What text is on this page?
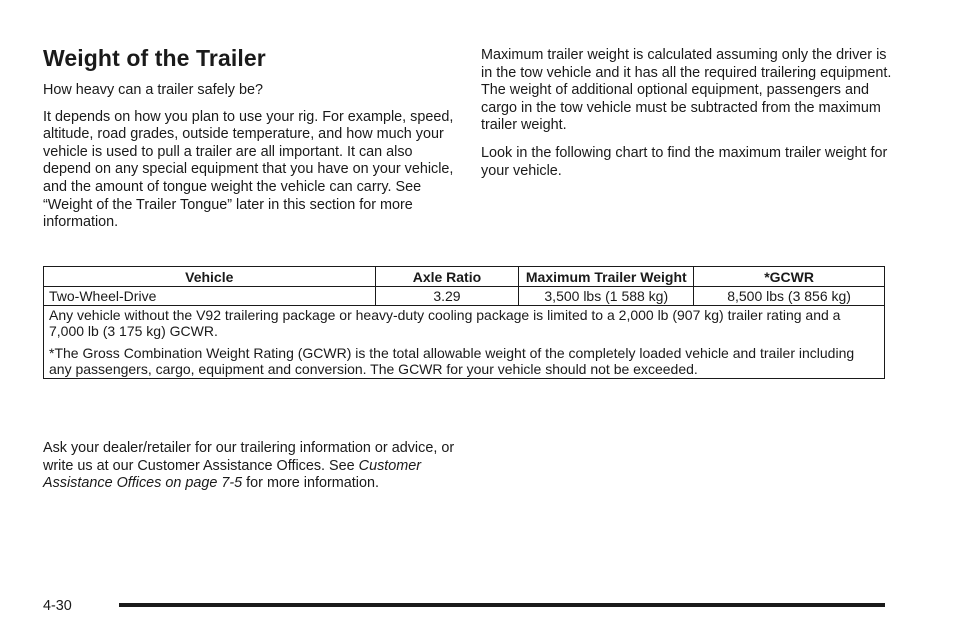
Weight of the Trailer

How heavy can a trailer safely be?

It depends on how you plan to use your rig. For example, speed, altitude, road grades, outside temperature, and how much your vehicle is used to pull a trailer are all important. It can also depend on any special equipment that you have on your vehicle, and the amount of tongue weight the vehicle can carry. See “Weight of the Trailer Tongue” later in this section for more information.

Maximum trailer weight is calculated assuming only the driver is in the tow vehicle and it has all the required trailering equipment. The weight of additional optional equipment, passengers and cargo in the tow vehicle must be subtracted from the maximum trailer weight.

Look in the following chart to find the maximum trailer weight for your vehicle.

Vehicle	Axle Ratio	Maximum Trailer Weight	*GCWR
Two-Wheel-Drive	3.29	3,500 lbs (1 588 kg)	8,500 lbs (3 856 kg)

Any vehicle without the V92 trailering package or heavy-duty cooling package is limited to a 2,000 lb (907 kg) trailer rating and a 7,000 lb (3 175 kg) GCWR.

*The Gross Combination Weight Rating (GCWR) is the total allowable weight of the completely loaded vehicle and trailer including any passengers, cargo, equipment and conversion. The GCWR for your vehicle should not be exceeded.			

Ask your dealer/retailer for our trailering information or advice, or write us at our Customer Assistance Offices. See Customer Assistance Offices on page 7-5 for more information.

4-30
